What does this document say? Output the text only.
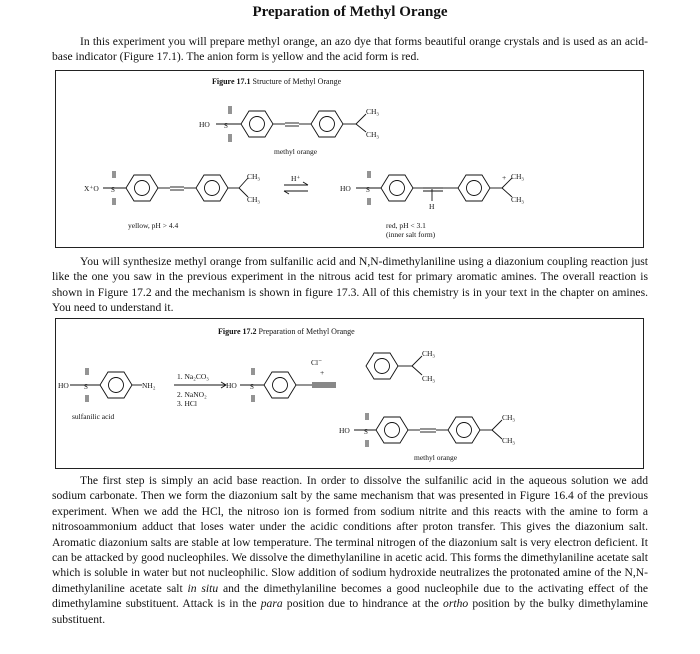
Preparation of Methyl Orange

In this experiment you will prepare methyl orange, an azo dye that forms beautiful orange crystals and is used as an acid-base indicator (Figure 17.1). The anion form is yellow and the acid form is red.

Figure 17.1 Structure of Methyl Orange
HO S
CH₃
CH₃
methyl orange
X⁺O S
CH₃
CH₃
H⁺
yellow, pH > 4.4
HO S
H
+ CH₃
CH₃
red, pH < 3.1
(inner salt form)

You will synthesize methyl orange from sulfanilic acid and N,N-dimethylaniline using a diazonium coupling reaction just like the one you saw in the previous experiment in the nitrous acid test for primary aromatic amines. The overall reaction is shown in Figure 17.2 and the mechanism is shown in figure 17.3. All of this chemistry is in your text in the chapter on amines. You need to understand it.

Figure 17.2 Preparation of Methyl Orange
HO S	NH₂
sulfanilic acid
1. Na₂CO₃
2. NaNO₂
3. HCl
HO S
Cl⁻
+
CH₃
CH₃
HO S
CH₃
CH₃
methyl orange

The first step is simply an acid base reaction. In order to dissolve the sulfanilic acid in the aqueous solution we add sodium carbonate. Then we form the diazonium salt by the same mechanism that was presented in Figure 16.4 of the previous experiment. When we add the HCl, the nitroso ion is formed from sodium nitrite and this reacts with the amine to form a nitrosoammonium adduct that loses water under the acidic conditions after proton transfer. This gives the diazonium salt. Aromatic diazonium salts are stable at low temperature. The terminal nitrogen of the diazonium salt is very electron deficient. It can be attacked by good nucleophiles. We dissolve the dimethylaniline in acetic acid. This forms the dimethylaniline acetate salt which is soluble in water but not nucleophilic. Slow addition of sodium hydroxide neutralizes the protonated amine of the N,N-dimethylaniline acetate salt in situ and the dimethylaniline becomes a good nucleophile due to the activating effect of the dimethylamine substituent. Attack is in the para position due to hindrance at the ortho position by the bulky dimethylamine substituent.
